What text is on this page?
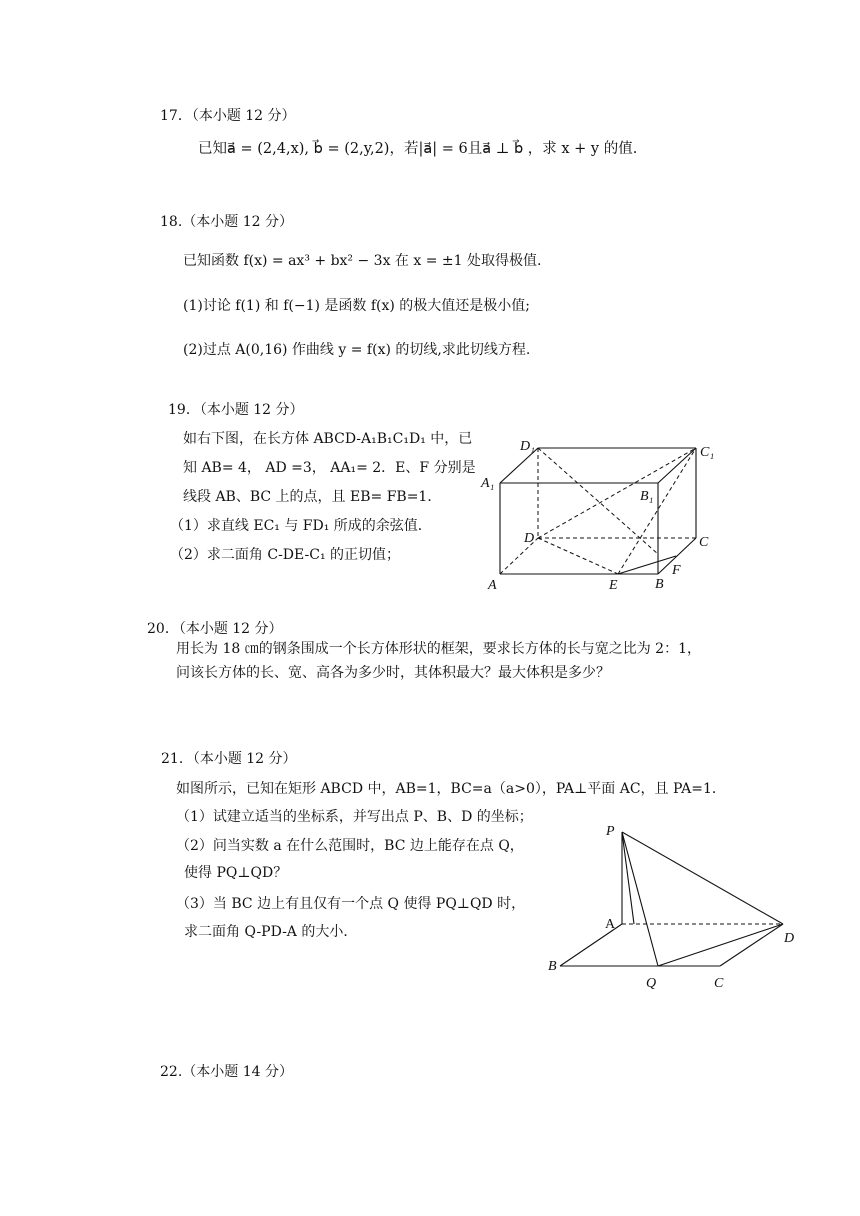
17．（本小题 12 分）
已知a⃗ = (2,4,x), b⃗ = (2,y,2)，若|a⃗| = 6且a⃗ ⊥ b⃗ ，求 x + y 的值.
18.（本小题 12 分）
已知函数 f(x) = ax³ + bx² − 3x 在 x = ±1 处取得极值.
(1)讨论 f(1) 和 f(−1) 是函数 f(x) 的极大值还是极小值;
(2)过点 A(0,16) 作曲线 y = f(x) 的切线,求此切线方程.
19．（本小题 12 分）
如右下图，在长方体 ABCD-A₁B₁C₁D₁ 中，已
知 AB= 4， AD =3， AA₁= 2．E、F 分别是
线段 AB、BC 上的点，且 EB= FB=1．
（1）求直线 EC₁ 与 FD₁ 所成的余弦值．
（2）求二面角 C-DE-C₁ 的正切值；
D₁	C₁
A₁
B₁
D	C
A	E	B
F
20．（本小题 12 分）
用长为 18 ㎝的钢条围成一个长方体形状的框架，要求长方体的长与宽之比为 2：1，
问该长方体的长、宽、高各为多少时，其体积最大？最大体积是多少？
21．（本小题 12 分）
如图所示，已知在矩形 ABCD 中，AB=1，BC=a（a>0），PA⊥平面 AC，且 PA=1．
（1）试建立适当的坐标系，并写出点 P、B、D 的坐标；
（2）问当实数 a 在什么范围时，BC 边上能存在点 Q，
使得 PQ⊥QD？
（3）当 BC 边上有且仅有一个点 Q 使得 PQ⊥QD 时，
求二面角 Q-PD-A 的大小．
P
A
D
B
Q	C
22.（本小题 14 分）
